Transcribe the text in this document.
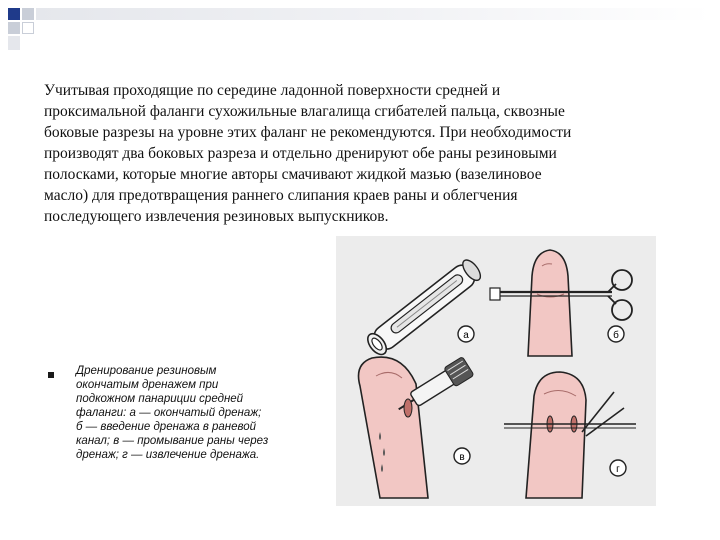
Учитывая проходящие по середине ладонной поверхности средней и
проксимальной фаланги сухожильные влагалища сгибателей пальца, сквозные
боковые разрезы на уровне этих фаланг не рекомендуются. При необходимости
производят два боковых разреза и отдельно дренируют обе раны резиновыми
полосками, которые многие авторы смачивают жидкой мазью (вазелиновое
масло) для предотвращения раннего слипания краев раны и облегчения
последующего извлечения резиновых выпускников.
Дренирование резиновым
окончатым дренажем при
подкожном панариции средней
фаланги: а — окончатый дренаж;
б — введение дренажа в раневой
канал; в — промывание раны через
дренаж; г — извлечение дренажа.
а	б
в
г
